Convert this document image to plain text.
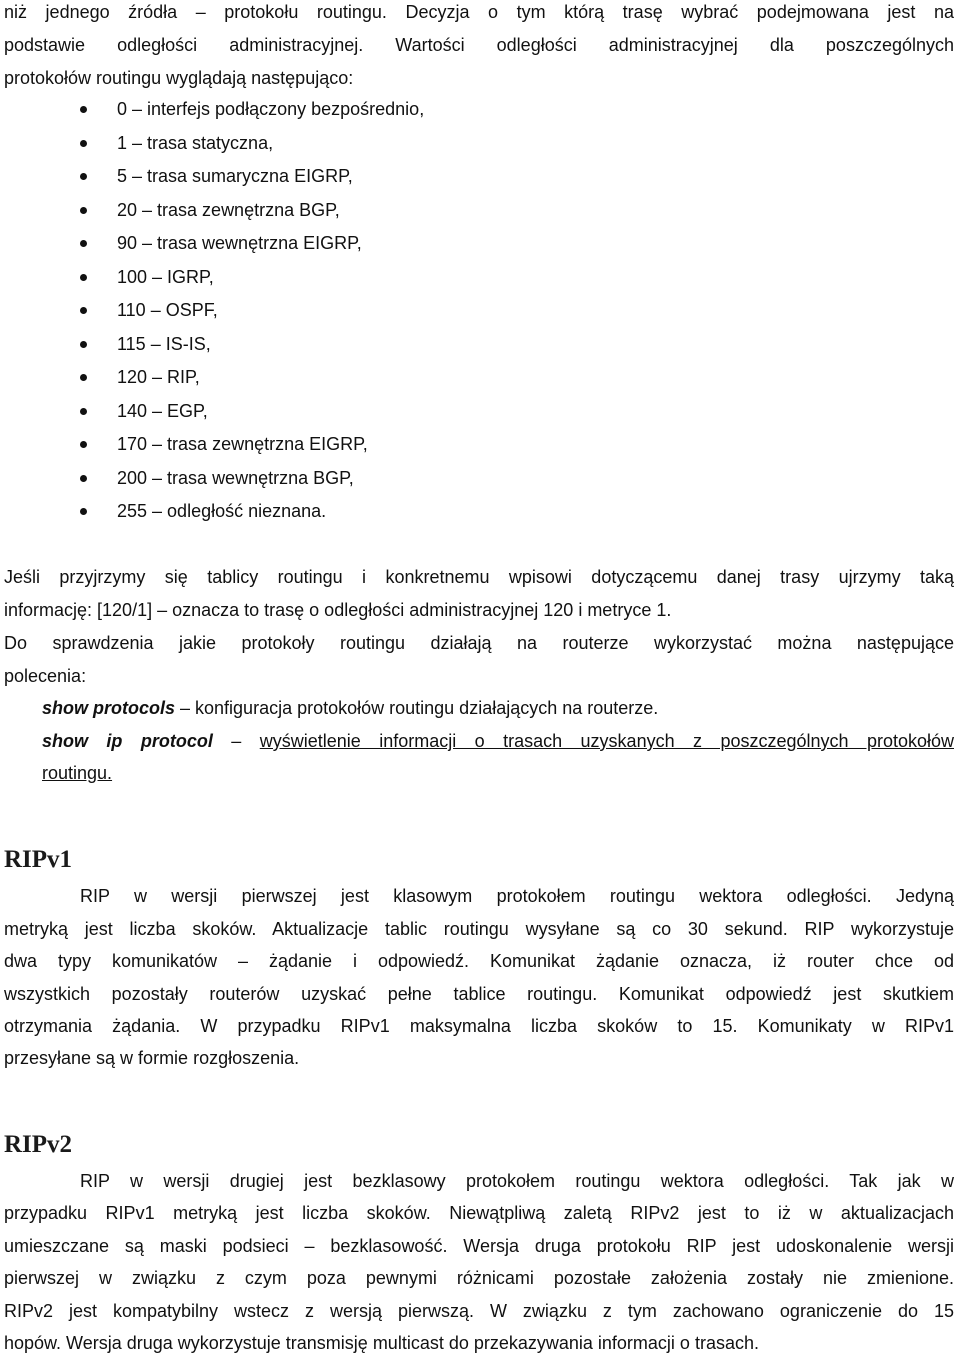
niż jednego źródła – protokołu routingu. Decyzja o tym którą trasę wybrać podejmowana jest na
podstawie odległości administracyjnej. Wartości odległości administracyjnej dla poszczególnych
protokołów routingu wyglądają następująco:
0 – interfejs podłączony bezpośrednio,
1 – trasa statyczna,
5 – trasa sumaryczna EIGRP,
20 – trasa zewnętrzna BGP,
90 – trasa wewnętrzna EIGRP,
100 – IGRP,
110 – OSPF,
115 – IS-IS,
120 – RIP,
140 – EGP,
170 – trasa zewnętrzna EIGRP,
200 – trasa wewnętrzna BGP,
255 – odległość nieznana.
Jeśli przyjrzymy się tablicy routingu i konkretnemu wpisowi dotyczącemu danej trasy ujrzymy taką
informację: [120/1] – oznacza to trasę o odległości administracyjnej 120 i metryce 1.
Do sprawdzenia jakie protokoły routingu działają na routerze wykorzystać można następujące
polecenia:
show protocols – konfiguracja protokołów routingu działających na routerze.
show ip protocol – wyświetlenie informacji o trasach uzyskanych z poszczególnych protokołów
routingu.
RIPv1
RIP w wersji pierwszej jest klasowym protokołem routingu wektora odległości. Jedyną
metryką jest liczba skoków. Aktualizacje tablic routingu wysyłane są co 30 sekund. RIP wykorzystuje
dwa typy komunikatów – żądanie i odpowiedź. Komunikat żądanie oznacza, iż router chce od
wszystkich pozostały routerów uzyskać pełne tablice routingu. Komunikat odpowiedź jest skutkiem
otrzymania żądania. W przypadku RIPv1 maksymalna liczba skoków to 15. Komunikaty w RIPv1
przesyłane są w formie rozgłoszenia.
RIPv2
RIP w wersji drugiej jest bezklasowy protokołem routingu wektora odległości. Tak jak w
przypadku RIPv1 metryką jest liczba skoków. Niewątpliwą zaletą RIPv2 jest to iż w aktualizacjach
umieszczane są maski podsieci – bezklasowość. Wersja druga protokołu RIP jest udoskonalenie wersji
pierwszej w związku z czym poza pewnymi różnicami pozostałe założenia zostały nie zmienione.
RIPv2 jest kompatybilny wstecz z wersją pierwszą. W związku z tym zachowano ograniczenie do 15
hopów. Wersja druga wykorzystuje transmisję multicast do przekazywania informacji o trasach.
